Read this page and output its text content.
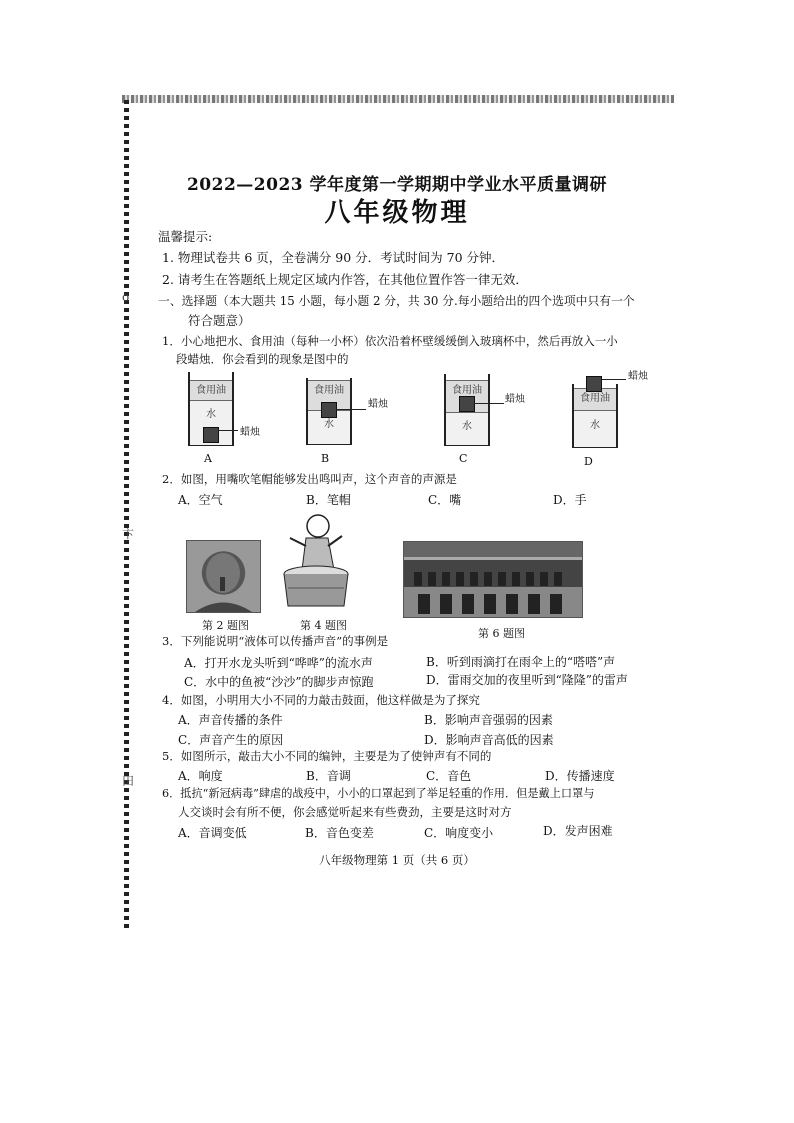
o
卞
田
2022—2023 学年度第一学期期中学业水平质量调研
八年级物理
温馨提示:
1. 物理试卷共 6 页，全卷满分 90 分．考试时间为 70 分钟．
2. 请考生在答题纸上规定区域内作答，在其他位置作答一律无效．
一、选择题（本大题共 15 小题，每小题 2 分，共 30 分.每小题给出的四个选项中只有一个
符合题意）
1．小心地把水、食用油（每种一小杯）依次沿着杯壁缓缓倒入玻璃杯中，然后再放入一小
段蜡烛．你会看到的现象是图中的
食用油
水
蜡烛
A
食用油
水
蜡烛
B
食用油
水
蜡烛
C
食用油
水
蜡烛
D
2．如图，用嘴吹笔帽能够发出鸣叫声，这个声音的声源是
A．空气	B．笔帽	C．嘴	D．手
第 2 题图	第 4 题图
第 6 题图
3．下列能说明“液体可以传播声音”的事例是
A．打开水龙头听到“哗哗”的流水声	B．听到雨滴打在雨伞上的“嗒嗒”声
C．水中的鱼被“沙沙”的脚步声惊跑	D．雷雨交加的夜里听到“隆隆”的雷声
4．如图，小明用大小不同的力敲击鼓面，他这样做是为了探究
A．声音传播的条件	B．影响声音强弱的因素
C．声音产生的原因	D．影响声音高低的因素
5．如图所示，敲击大小不同的编钟，主要是为了使钟声有不同的
A．响度	B．音调	C．音色	D．传播速度
6．抵抗“新冠病毒”肆虐的战疫中，小小的口罩起到了举足轻重的作用．但是戴上口罩与
人交谈时会有所不便，你会感觉听起来有些费劲，主要是这时对方
A．音调变低	B．音色变差	C．响度变小	D．发声困难
八年级物理第 1 页（共 6 页）
